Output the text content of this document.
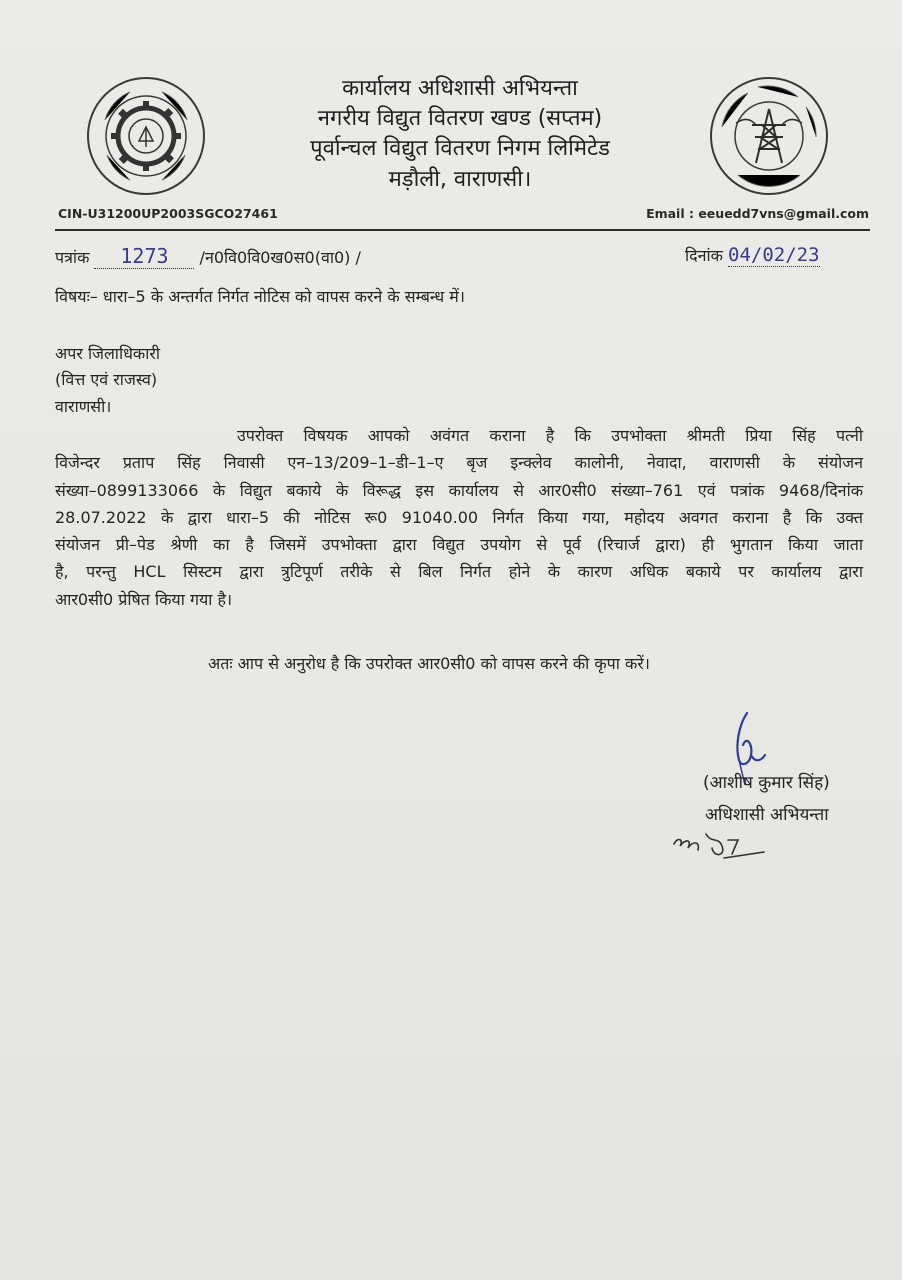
कार्यालय अधिशासी अभियन्ता
नगरीय विद्युत वितरण खण्ड (सप्तम)
पूर्वान्चल विद्युत वितरण निगम लिमिटेड
मड़ौली, वाराणसी।
CIN-U31200UP2003SGCO27461	Email : eeuedd7vns@gmail.com
पत्रांक 1273 /न0वि0वि0ख0स0(वा0) /	दिनांक 04/02/23
विषयः– धारा–5 के अन्तर्गत निर्गत नोटिस को वापस करने के सम्बन्ध में।
अपर जिलाधिकारी
(वित्त एवं राजस्व)
वाराणसी।
उपरोक्त विषयक आपको अवंगत कराना है कि उपभोक्ता श्रीमती प्रिया सिंह पत्नी
विजेन्दर प्रताप सिंह निवासी एन–13/209–1–डी–1–ए बृज इन्क्लेव कालोनी, नेवादा, वाराणसी के संयोजन
संख्या–0899133066 के विद्युत बकाये के विरूद्ध इस कार्यालय से आर0सी0 संख्या–761 एवं पत्रांक 9468/दिनांक
28.07.2022 के द्वारा धारा–5 की नोटिस रू0 91040.00 निर्गत किया गया, महोदय अवगत कराना है कि उक्त
संयोजन प्री–पेड श्रेणी का है जिसमें उपभोक्ता द्वारा विद्युत उपयोग से पूर्व (रिचार्ज द्वारा) ही भुगतान किया जाता
है, परन्तु HCL सिस्टम द्वारा त्रुटिपूर्ण तरीके से बिल निर्गत होने के कारण अधिक बकाये पर कार्यालय द्वारा
आर0सी0 प्रेषित किया गया है।
अतः आप से अनुरोध है कि उपरोक्त आर0सी0 को वापस करने की कृपा करें।
(आशीष कुमार सिंह)
अधिशासी अभियन्ता
